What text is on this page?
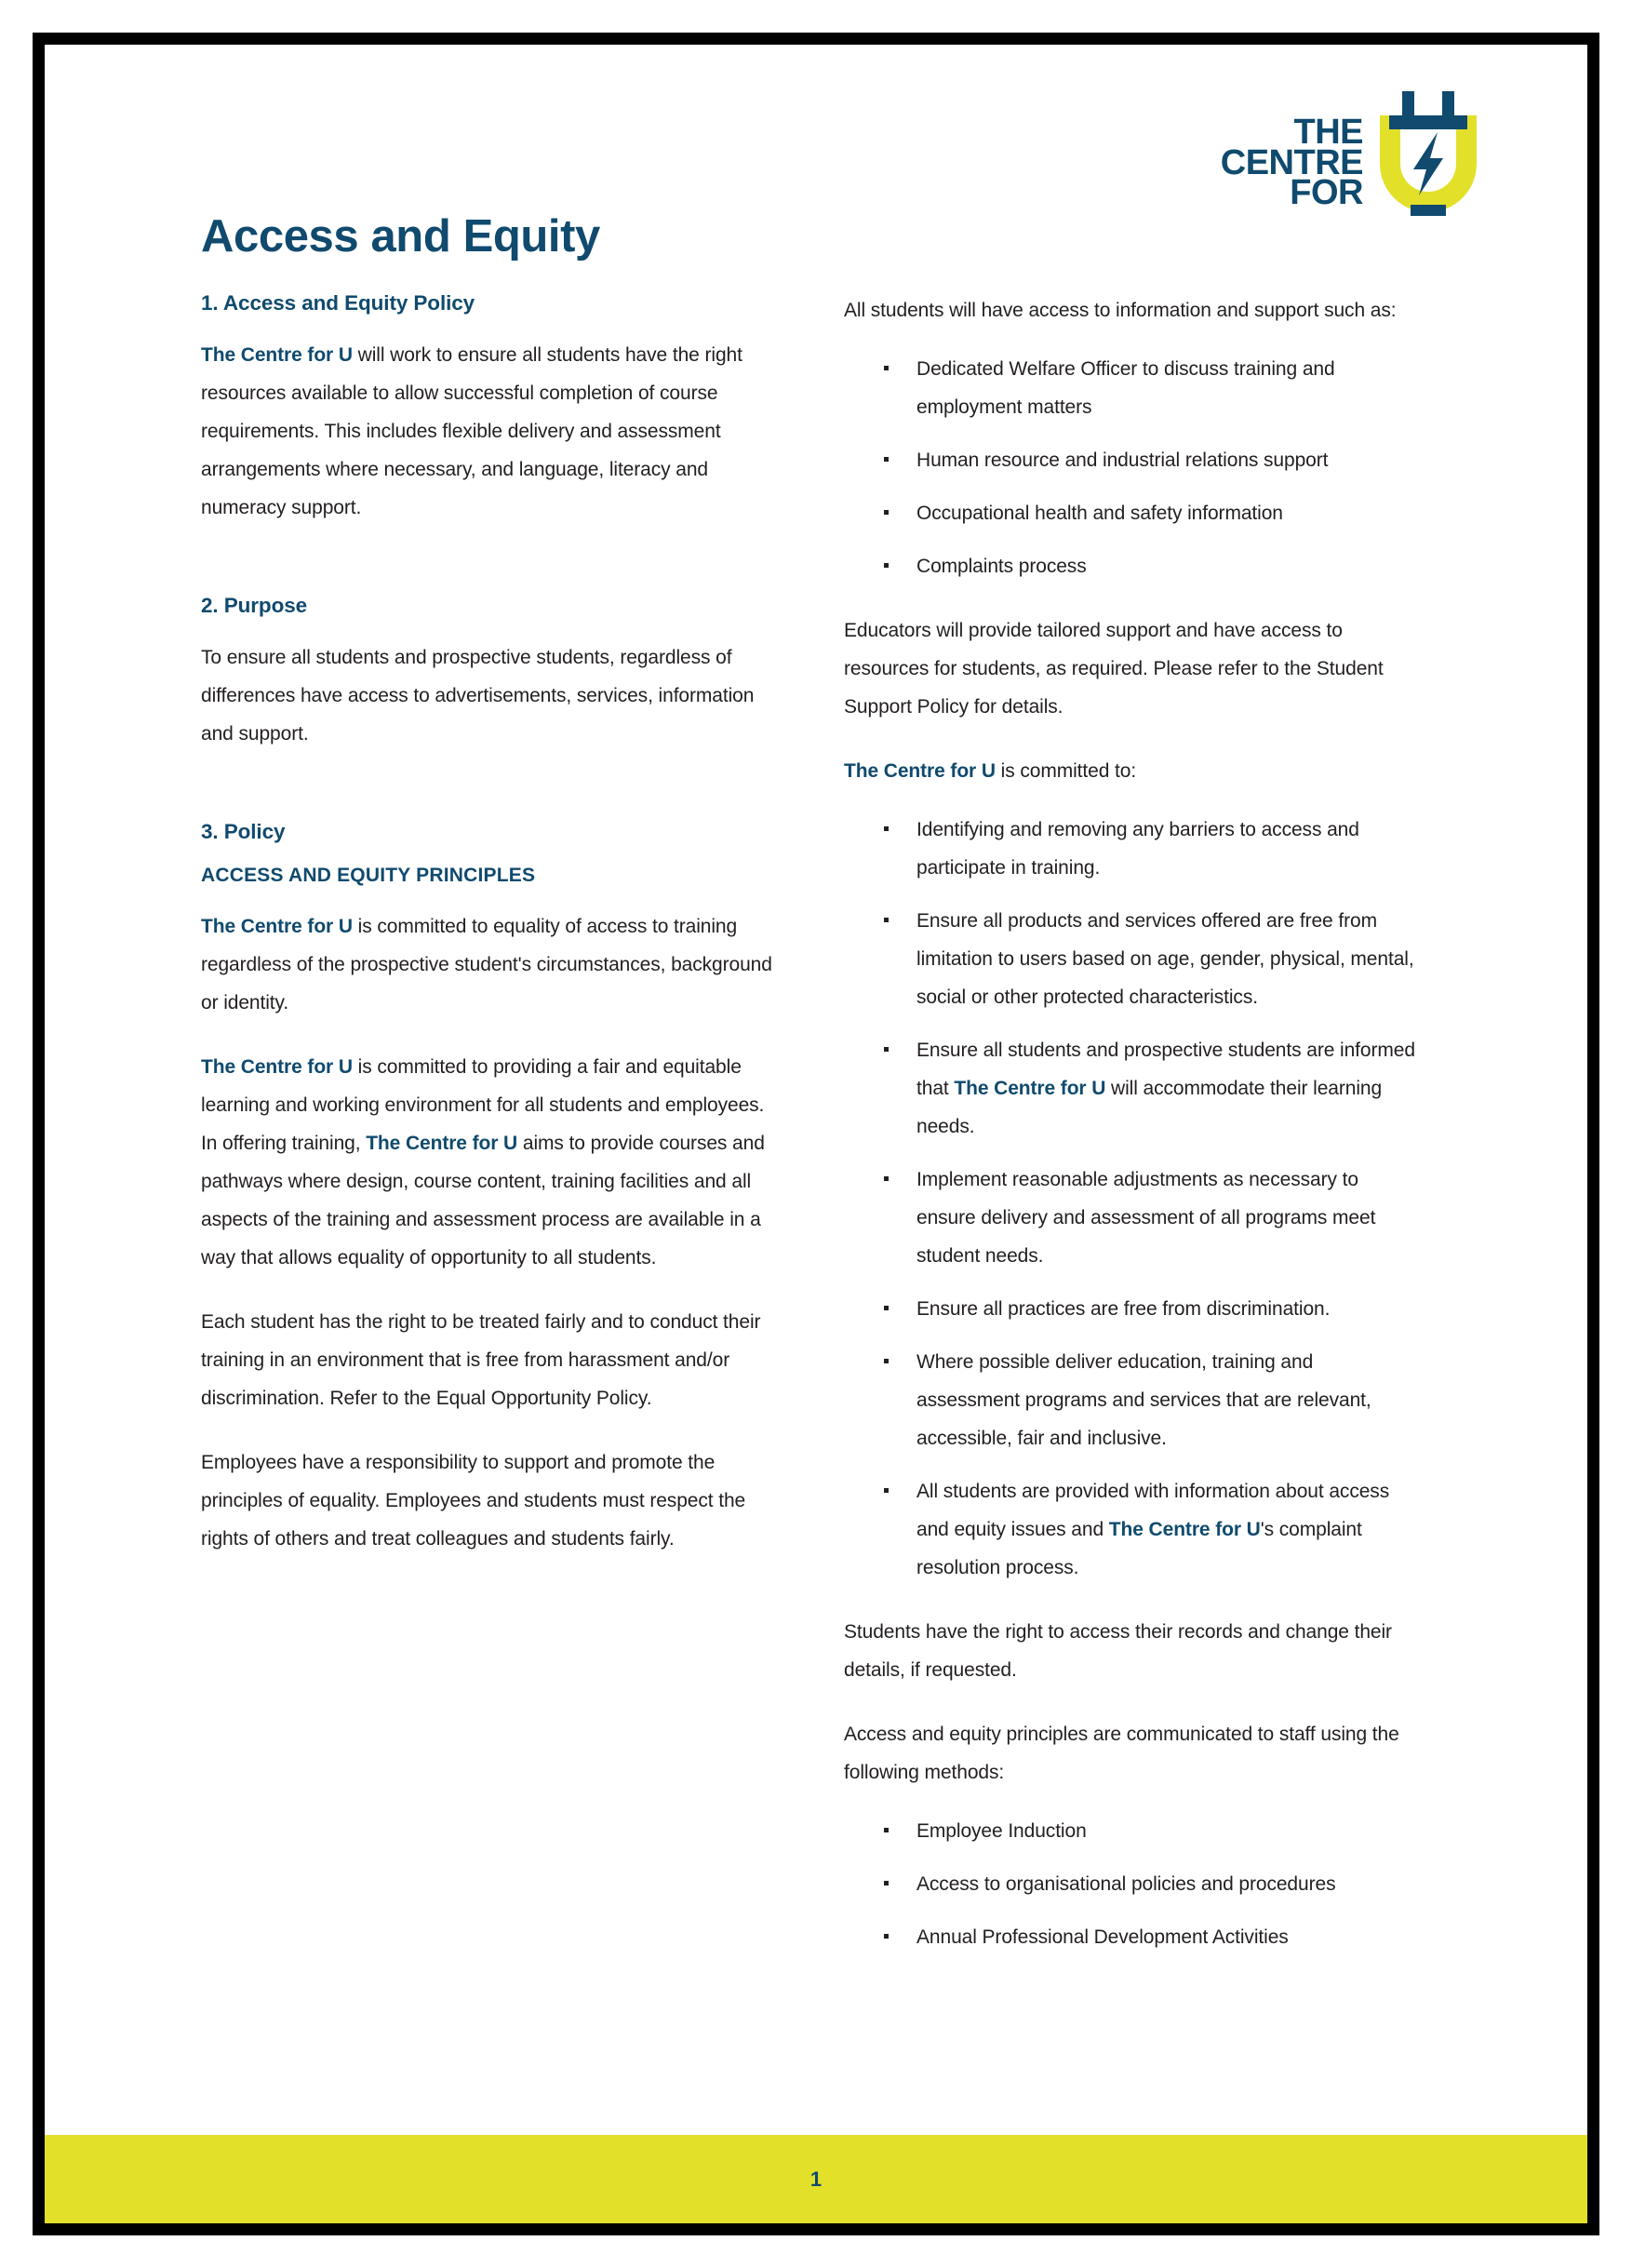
THE
CENTRE
FOR
Access and Equity
1. Access and Equity Policy

The Centre for U will work to ensure all students have the right resources available to allow successful completion of course requirements. This includes flexible delivery and assessment arrangements where necessary, and language, literacy and numeracy support.

2. Purpose

To ensure all students and prospective students, regardless of differences have access to advertisements, services, information and support.

3. Policy
ACCESS AND EQUITY PRINCIPLES

The Centre for U is committed to equality of access to training regardless of the prospective student's circumstances, background or identity.

The Centre for U is committed to providing a fair and equitable learning and working environment for all students and employees. In offering training, The Centre for U aims to provide courses and pathways where design, course content, training facilities and all aspects of the training and assessment process are available in a way that allows equality of opportunity to all students.

Each student has the right to be treated fairly and to conduct their training in an environment that is free from harassment and/or discrimination. Refer to the Equal Opportunity Policy.

Employees have a responsibility to support and promote the principles of equality. Employees and students must respect the rights of others and treat colleagues and students fairly.

All students will have access to information and support such as:

Dedicated Welfare Officer to discuss training and employment matters
Human resource and industrial relations support
Occupational health and safety information
Complaints process

Educators will provide tailored support and have access to resources for students, as required. Please refer to the Student Support Policy for details.

The Centre for U is committed to:

Identifying and removing any barriers to access and participate in training.
Ensure all products and services offered are free from limitation to users based on age, gender, physical, mental, social or other protected characteristics.
Ensure all students and prospective students are informed that The Centre for U will accommodate their learning needs.
Implement reasonable adjustments as necessary to ensure delivery and assessment of all programs meet student needs.
Ensure all practices are free from discrimination.
Where possible deliver education, training and assessment programs and services that are relevant, accessible, fair and inclusive.
All students are provided with information about access and equity issues and The Centre for U's complaint resolution process.

Students have the right to access their records and change their details, if requested.

Access and equity principles are communicated to staff using the following methods:

Employee Induction
Access to organisational policies and procedures
Annual Professional Development Activities
1
